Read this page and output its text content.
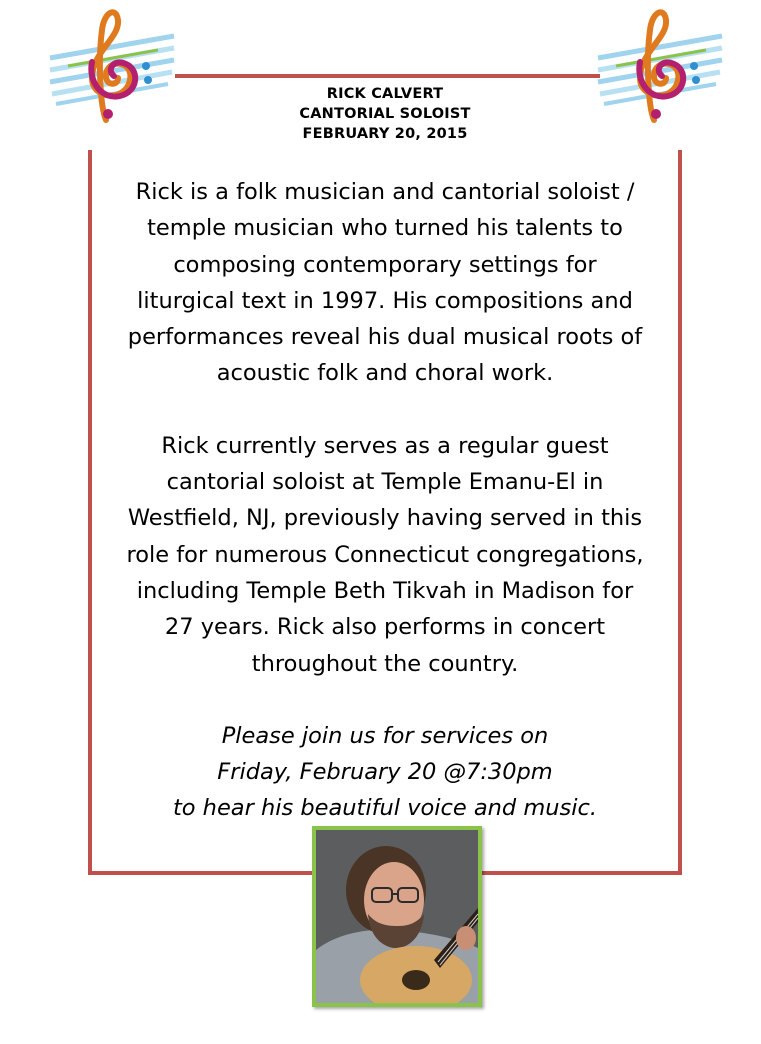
RICK CALVERT
CANTORIAL SOLOIST
FEBRUARY 20, 2015

Rick is a folk musician and cantorial soloist /
temple musician who turned his talents to
composing contemporary settings for
liturgical text in 1997. His compositions and
performances reveal his dual musical roots of
acoustic folk and choral work.

Rick currently serves as a regular guest
cantorial soloist at Temple Emanu-El in
Westfield, NJ, previously having served in this
role for numerous Connecticut congregations,
including Temple Beth Tikvah in Madison for
27 years. Rick also performs in concert
throughout the country.

Please join us for services on
Friday, February 20 @7:30pm
to hear his beautiful voice and music.
